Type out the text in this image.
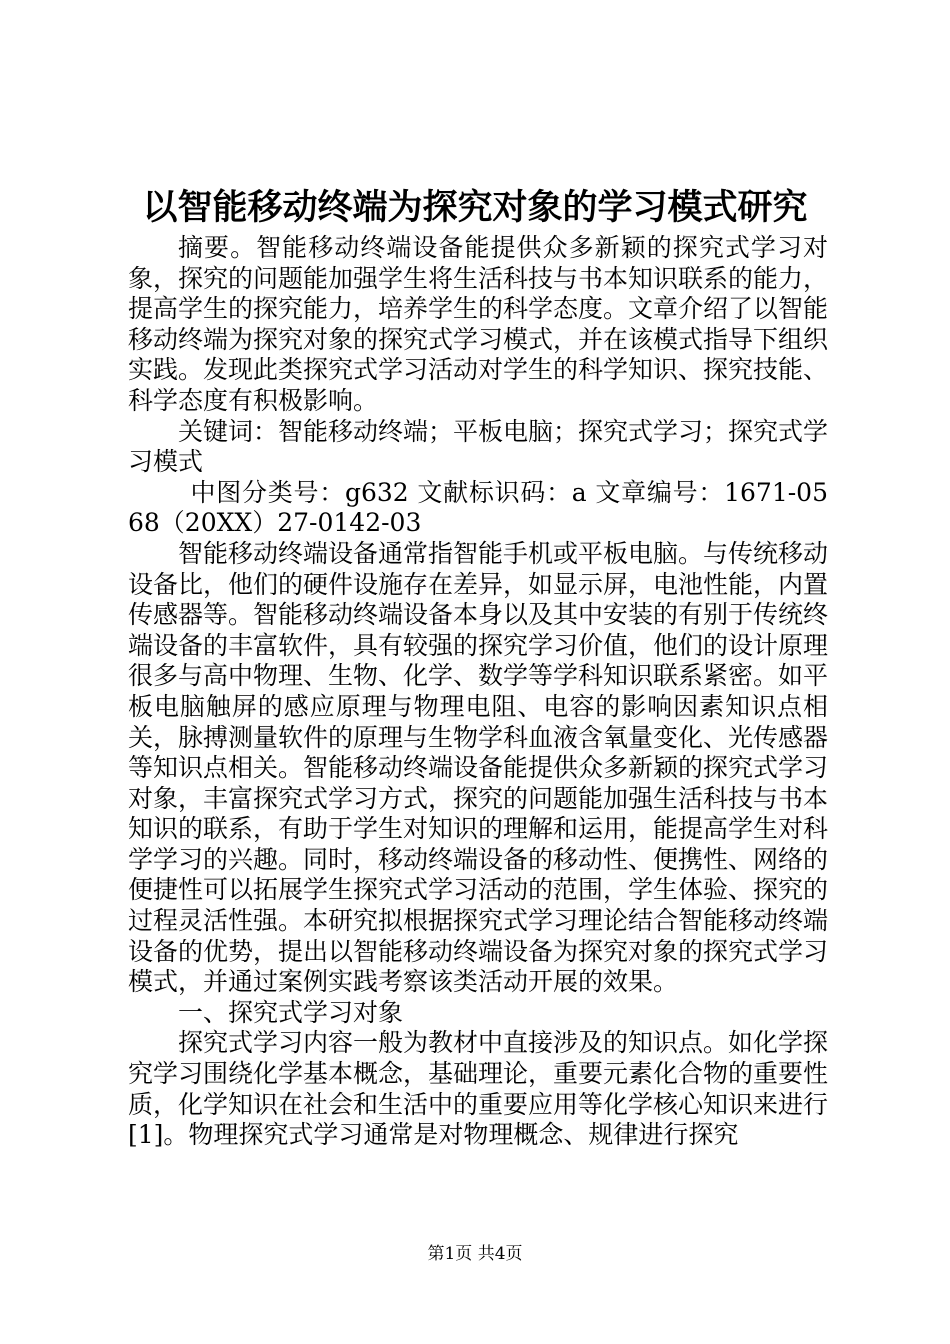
以智能移动终端为探究对象的学习模式研究

摘要。智能移动终端设备能提供众多新颖的探究式学习对象，探究的问题能加强学生将生活科技与书本知识联系的能力，提高学生的探究能力，培养学生的科学态度。文章介绍了以智能移动终端为探究对象的探究式学习模式，并在该模式指导下组织实践。发现此类探究式学习活动对学生的科学知识、探究技能、科学态度有积极影响。

关键词：智能移动终端；平板电脑；探究式学习；探究式学习模式

中图分类号：g632 文献标识码：a 文章编号：1671-0568（20XX）27-0142-03

智能移动终端设备通常指智能手机或平板电脑。与传统移动设备比，他们的硬件设施存在差异，如显示屏，电池性能，内置传感器等。智能移动终端设备本身以及其中安装的有别于传统终端设备的丰富软件，具有较强的探究学习价值，他们的设计原理很多与高中物理、生物、化学、数学等学科知识联系紧密。如平板电脑触屏的感应原理与物理电阻、电容的影响因素知识点相关，脉搏测量软件的原理与生物学科血液含氧量变化、光传感器等知识点相关。智能移动终端设备能提供众多新颖的探究式学习对象，丰富探究式学习方式，探究的问题能加强生活科技与书本知识的联系，有助于学生对知识的理解和运用，能提高学生对科学学习的兴趣。同时，移动终端设备的移动性、便携性、网络的便捷性可以拓展学生探究式学习活动的范围，学生体验、探究的过程灵活性强。本研究拟根据探究式学习理论结合智能移动终端设备的优势，提出以智能移动终端设备为探究对象的探究式学习模式，并通过案例实践考察该类活动开展的效果。

一、探究式学习对象

探究式学习内容一般为教材中直接涉及的知识点。如化学探究学习围绕化学基本概念，基础理论，重要元素化合物的重要性质，化学知识在社会和生活中的重要应用等化学核心知识来进行[1]。物理探究式学习通常是对物理概念、规律进行探究

第1页 共4页
